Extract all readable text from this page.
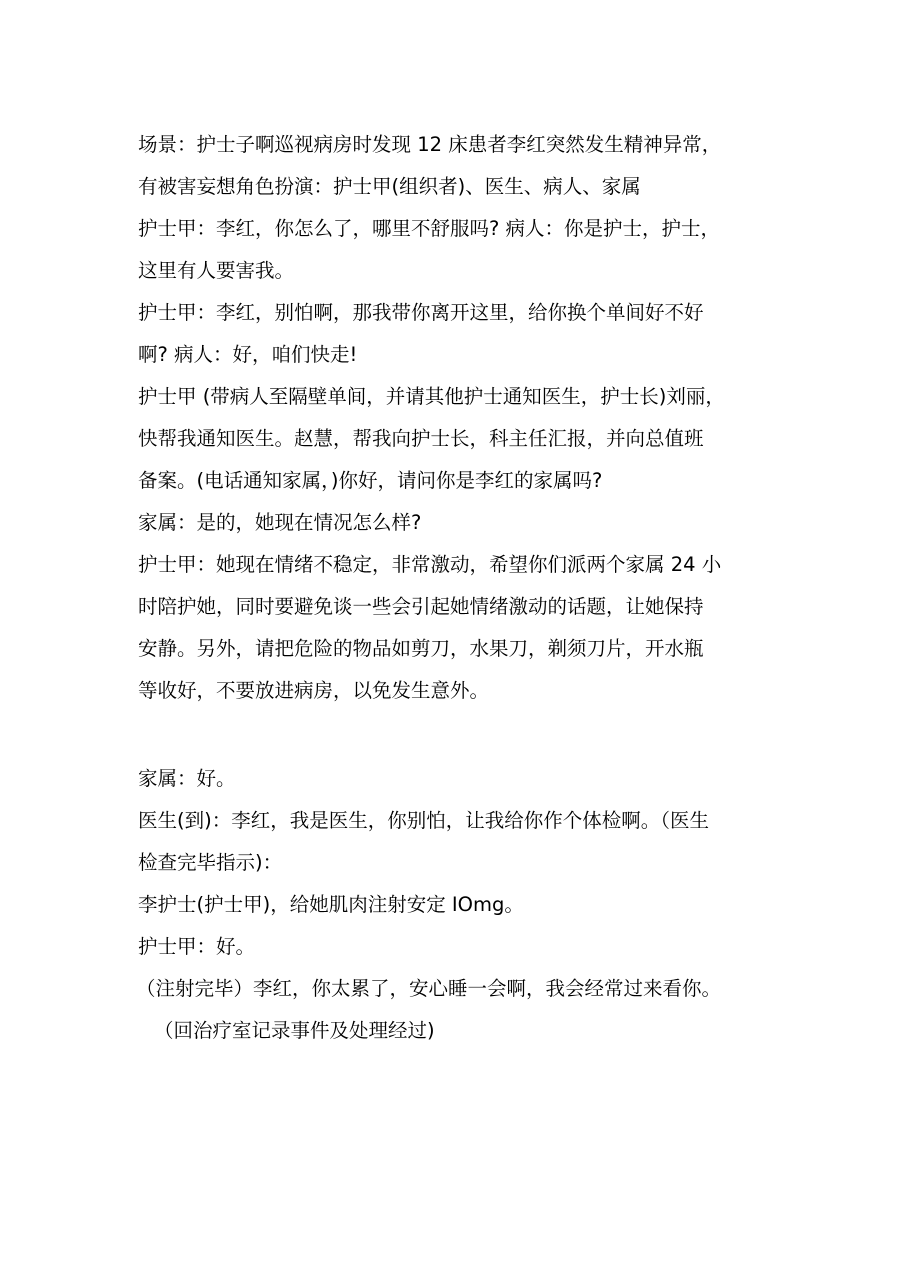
场景：护士子啊巡视病房时发现 12 床患者李红突然发生精神异常，
有被害妄想角色扮演：护士甲(组织者)、医生、病人、家属
护士甲：李红，你怎么了，哪里不舒服吗? 病人：你是护士，护士，
这里有人要害我。
护士甲：李红，别怕啊，那我带你离开这里，给你换个单间好不好
啊? 病人：好，咱们快走!
护士甲 (带病人至隔壁单间，并请其他护士通知医生，护士长)刘丽，
快帮我通知医生。赵慧，帮我向护士长，科主任汇报，并向总值班
备案。(电话通知家属，)你好，请问你是李红的家属吗?
家属：是的，她现在情况怎么样?
护士甲：她现在情绪不稳定，非常激动，希望你们派两个家属 24 小
时陪护她，同时要避免谈一些会引起她情绪激动的话题，让她保持
安静。另外，请把危险的物品如剪刀，水果刀，剃须刀片，开水瓶
等收好，不要放进病房，以免发生意外。
家属：好。
医生(到)：李红，我是医生，你别怕，让我给你作个体检啊。（医生
检查完毕指示)：
李护士(护士甲)，给她肌肉注射安定 IOmg。
护士甲：好。
（注射完毕）李红，你太累了，安心睡一会啊，我会经常过来看你。
（回治疗室记录事件及处理经过)
